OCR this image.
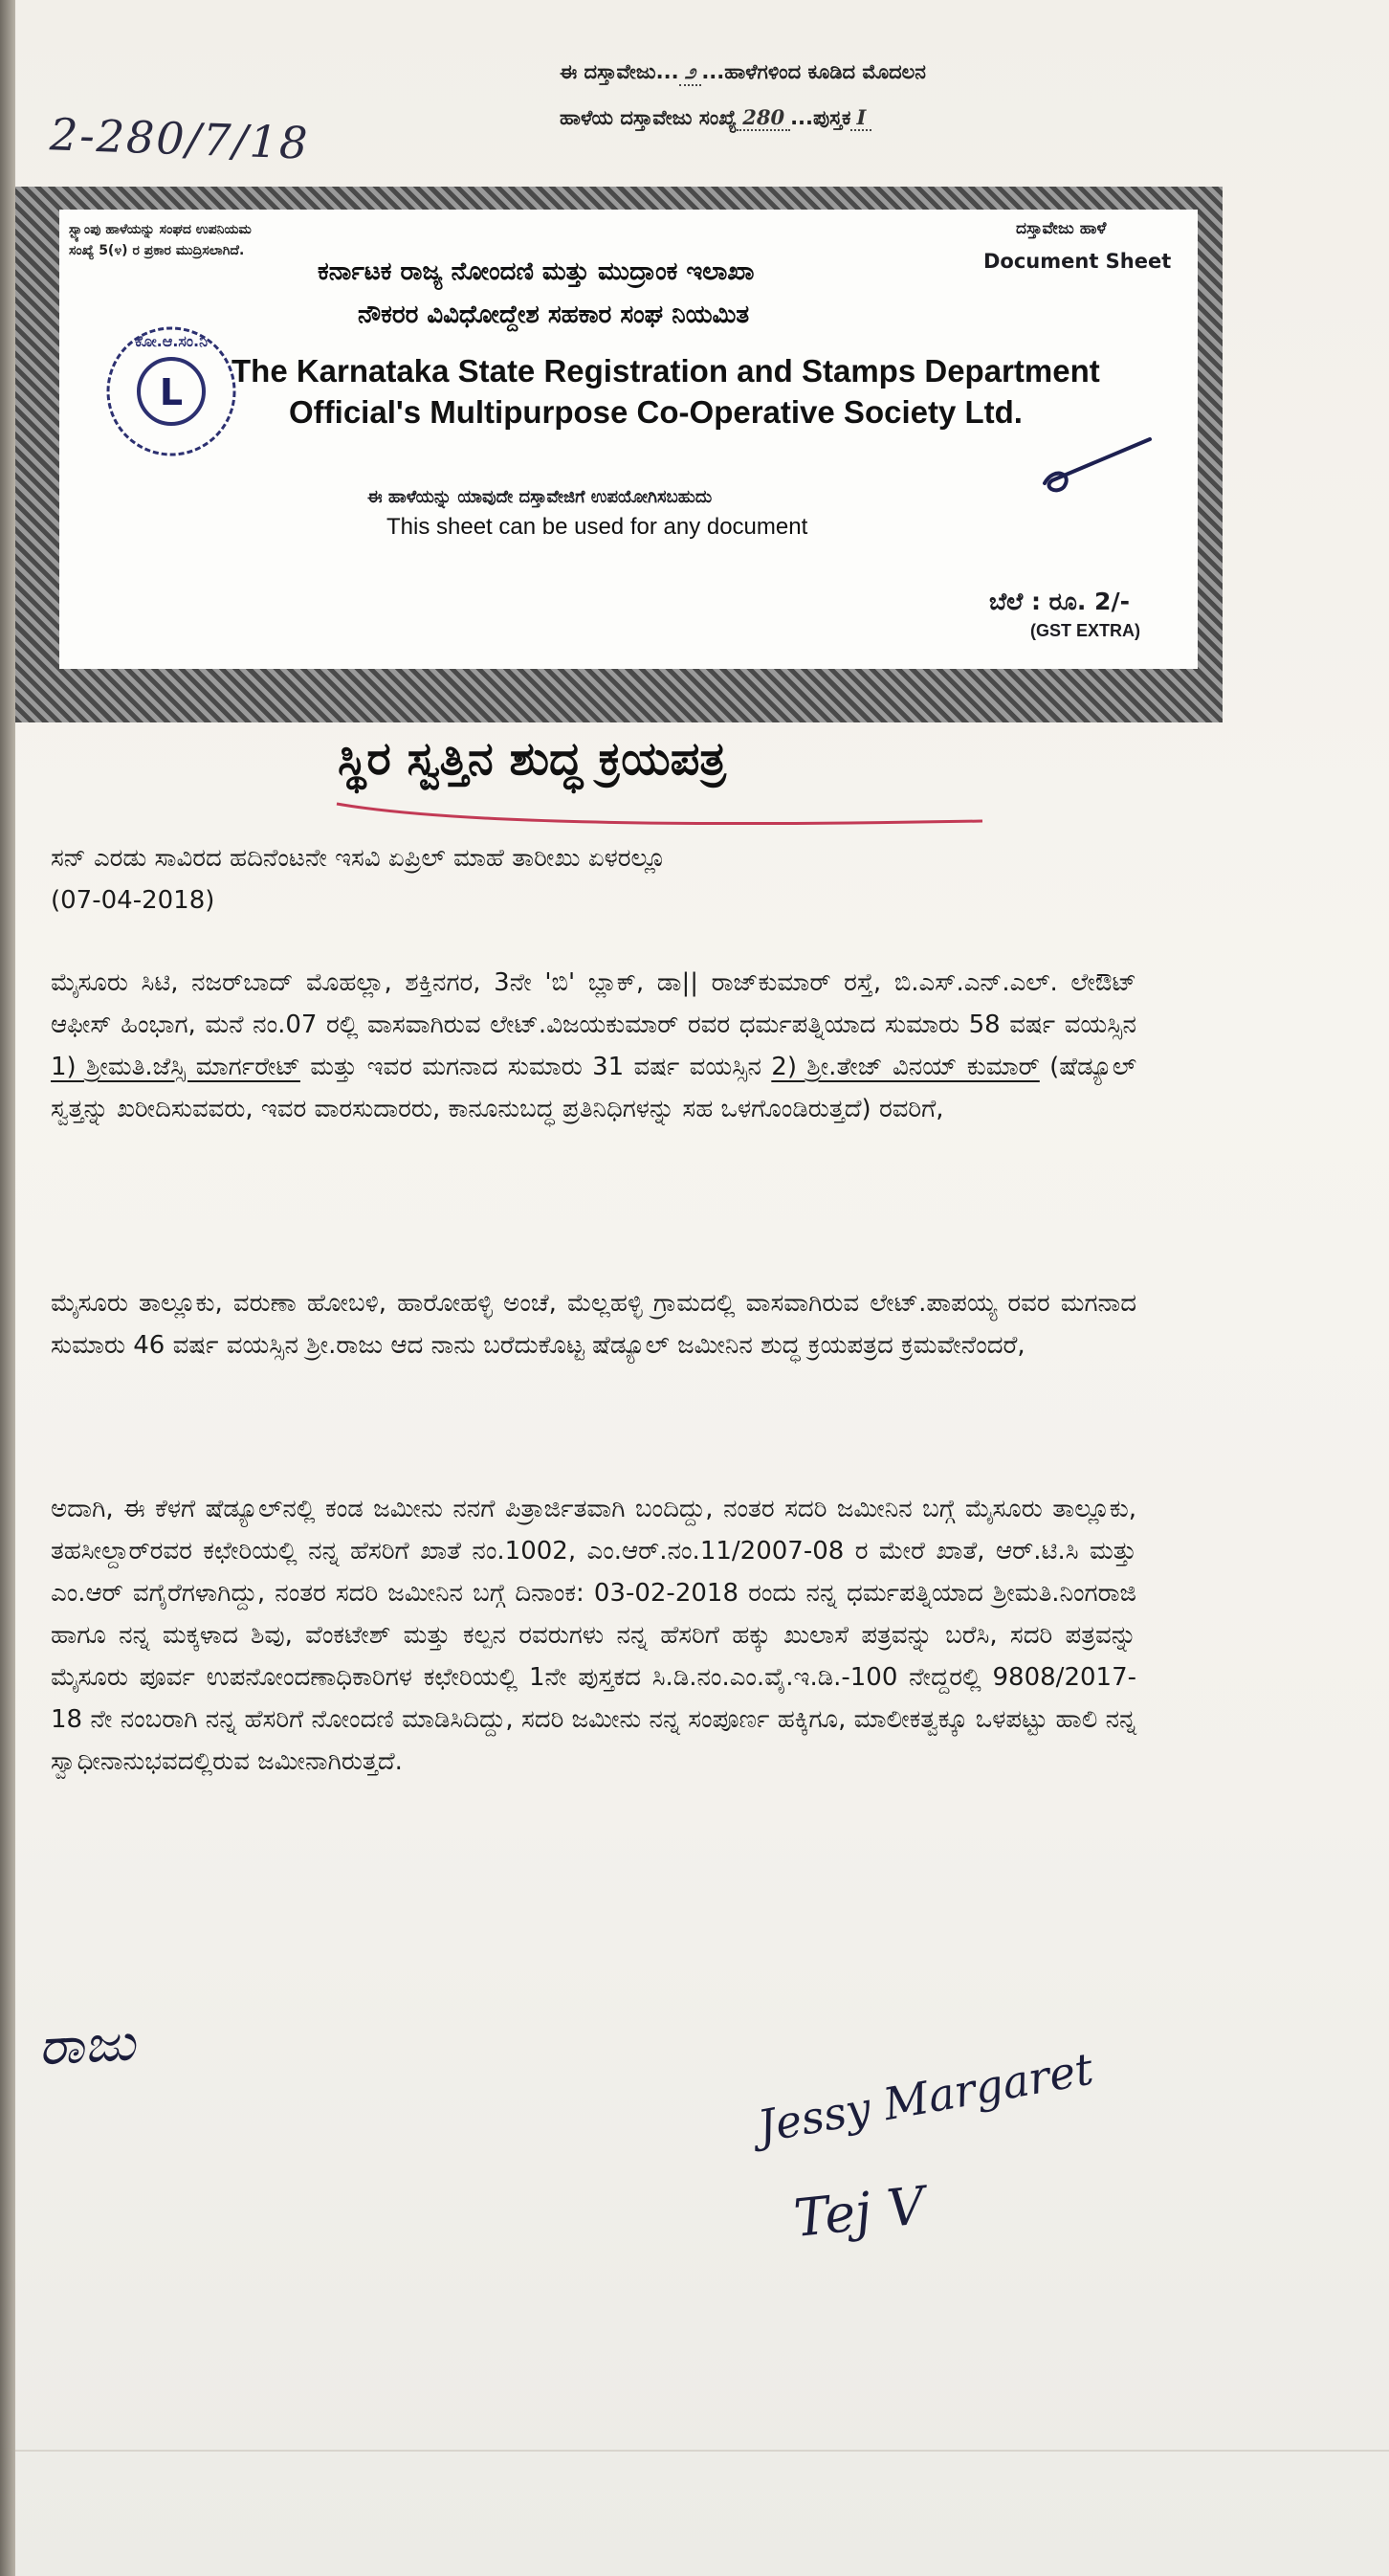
ಈ ದಸ್ತಾವೇಜು... ೨ ...ಹಾಳೆಗಳಿಂದ ಕೂಡಿದ ಮೊದಲನ
ಹಾಳೆಯ ದಸ್ತಾವೇಜು ಸಂಖ್ಯೆ 280 ...ಪುಸ್ತಕ I
2-280/7/18
ಸ್ಟ್ಯಾಂಪು ಹಾಳೆಯನ್ನು ಸಂಘದ ಉಪನಿಯಮ
ಸಂಖ್ಯೆ 5(೪) ರ ಪ್ರಕಾರ ಮುದ್ರಿಸಲಾಗಿದೆ.
ಕರ್ನಾಟಕ ರಾಜ್ಯ ನೋಂದಣಿ ಮತ್ತು ಮುದ್ರಾಂಕ ಇಲಾಖಾ
ನೌಕರರ ವಿವಿಧೋದ್ದೇಶ ಸಹಕಾರ ಸಂಘ ನಿಯಮಿತ
ದಸ್ತಾವೇಜು ಹಾಳೆ
Document Sheet
L
ಕೋ.ಆ.ಸಂ.ನಿ
The Karnataka State Registration and Stamps Department
Official's Multipurpose Co-Operative Society Ltd.
ಈ ಹಾಳೆಯನ್ನು ಯಾವುದೇ ದಸ್ತಾವೇಜಿಗೆ ಉಪಯೋಗಿಸಬಹುದು
This sheet can be used for any document
ಬೆಲೆ : ರೂ. 2/-
(GST EXTRA)
ಸ್ಥಿರ ಸ್ವತ್ತಿನ ಶುದ್ಧ ಕ್ರಯಪತ್ರ
ಸನ್ ಎರಡು ಸಾವಿರದ ಹದಿನೆಂಟನೇ ಇಸವಿ ಏಪ್ರಿಲ್ ಮಾಹೆ ತಾರೀಖು ಏಳರಲ್ಲೂ
(07-04-2018)
ಮೈಸೂರು ಸಿಟಿ, ನಜರ್‌ಬಾದ್ ಮೊಹಲ್ಲಾ, ಶಕ್ತಿನಗರ, 3ನೇ 'ಬಿ' ಬ್ಲಾಕ್, ಡಾ|| ರಾಜ್‌ಕುಮಾರ್ ರಸ್ತೆ, ಬಿ.ಎಸ್.ಎನ್.ಎಲ್. ಲೇಔಟ್ ಆಫೀಸ್ ಹಿಂಭಾಗ, ಮನೆ ನಂ.07 ರಲ್ಲಿ ವಾಸವಾಗಿರುವ ಲೇಟ್.ವಿಜಯಕುಮಾರ್ ರವರ ಧರ್ಮಪತ್ನಿಯಾದ ಸುಮಾರು 58 ವರ್ಷ ವಯಸ್ಸಿನ 1) ಶ್ರೀಮತಿ.ಜೆಸ್ಸಿ ಮಾರ್ಗರೇಟ್ ಮತ್ತು ಇವರ ಮಗನಾದ ಸುಮಾರು 31 ವರ್ಷ ವಯಸ್ಸಿನ 2) ಶ್ರೀ.ತೇಜ್ ವಿನಯ್ ಕುಮಾರ್ (ಷೆಡ್ಯೂಲ್ ಸ್ವತ್ತನ್ನು ಖರೀದಿಸುವವರು, ಇವರ ವಾರಸುದಾರರು, ಕಾನೂನುಬದ್ಧ ಪ್ರತಿನಿಧಿಗಳನ್ನು ಸಹ ಒಳಗೊಂಡಿರುತ್ತದೆ) ರವರಿಗೆ,
ಮೈಸೂರು ತಾಲ್ಲೂಕು, ವರುಣಾ ಹೋಬಳಿ, ಹಾರೋಹಳ್ಳಿ ಅಂಚೆ, ಮೆಲ್ಲಹಳ್ಳಿ ಗ್ರಾಮದಲ್ಲಿ ವಾಸವಾಗಿರುವ ಲೇಟ್.ಪಾಪಯ್ಯ ರವರ ಮಗನಾದ ಸುಮಾರು 46 ವರ್ಷ ವಯಸ್ಸಿನ ಶ್ರೀ.ರಾಜು ಆದ ನಾನು ಬರೆದುಕೊಟ್ಟ ಷೆಡ್ಯೂಲ್ ಜಮೀನಿನ ಶುದ್ಧ ಕ್ರಯಪತ್ರದ ಕ್ರಮವೇನೆಂದರೆ,
ಅದಾಗಿ, ಈ ಕೆಳಗೆ ಷೆಡ್ಯೂಲ್‌ನಲ್ಲಿ ಕಂಡ ಜಮೀನು ನನಗೆ ಪಿತ್ರಾರ್ಜಿತವಾಗಿ ಬಂದಿದ್ದು, ನಂತರ ಸದರಿ ಜಮೀನಿನ ಬಗ್ಗೆ ಮೈಸೂರು ತಾಲ್ಲೂಕು, ತಹಸೀಲ್ದಾರ್‌ರವರ ಕಛೇರಿಯಲ್ಲಿ ನನ್ನ ಹೆಸರಿಗೆ ಖಾತೆ ನಂ.1002, ಎಂ.ಆರ್.ನಂ.11/2007-08 ರ ಮೇರೆ ಖಾತೆ, ಆರ್.ಟಿ.ಸಿ ಮತ್ತು ಎಂ.ಆರ್ ವಗೈರೆಗಳಾಗಿದ್ದು, ನಂತರ ಸದರಿ ಜಮೀನಿನ ಬಗ್ಗೆ ದಿನಾಂಕ: 03-02-2018 ರಂದು ನನ್ನ ಧರ್ಮಪತ್ನಿಯಾದ ಶ್ರೀಮತಿ.ನಿಂಗರಾಜಿ ಹಾಗೂ ನನ್ನ ಮಕ್ಕಳಾದ ಶಿವು, ವೆಂಕಟೇಶ್ ಮತ್ತು ಕಲ್ಪನ ರವರುಗಳು ನನ್ನ ಹೆಸರಿಗೆ ಹಕ್ಕು ಖುಲಾಸೆ ಪತ್ರವನ್ನು ಬರೆಸಿ, ಸದರಿ ಪತ್ರವನ್ನು ಮೈಸೂರು ಪೂರ್ವ ಉಪನೋಂದಣಾಧಿಕಾರಿಗಳ ಕಛೇರಿಯಲ್ಲಿ 1ನೇ ಪುಸ್ತಕದ ಸಿ.ಡಿ.ನಂ.ಎಂ.ವೈ.ಇ.ಡಿ.-100 ನೇದ್ದರಲ್ಲಿ 9808/2017-18 ನೇ ನಂಬರಾಗಿ ನನ್ನ ಹೆಸರಿಗೆ ನೋಂದಣಿ ಮಾಡಿಸಿದಿದ್ದು, ಸದರಿ ಜಮೀನು ನನ್ನ ಸಂಪೂರ್ಣ ಹಕ್ಕಿಗೂ, ಮಾಲೀಕತ್ವಕ್ಕೂ ಒಳಪಟ್ಟು ಹಾಲಿ ನನ್ನ ಸ್ವಾಧೀನಾನುಭವದಲ್ಲಿರುವ ಜಮೀನಾಗಿರುತ್ತದೆ.
ರಾಜು	Jessy Margaret
Tej V
